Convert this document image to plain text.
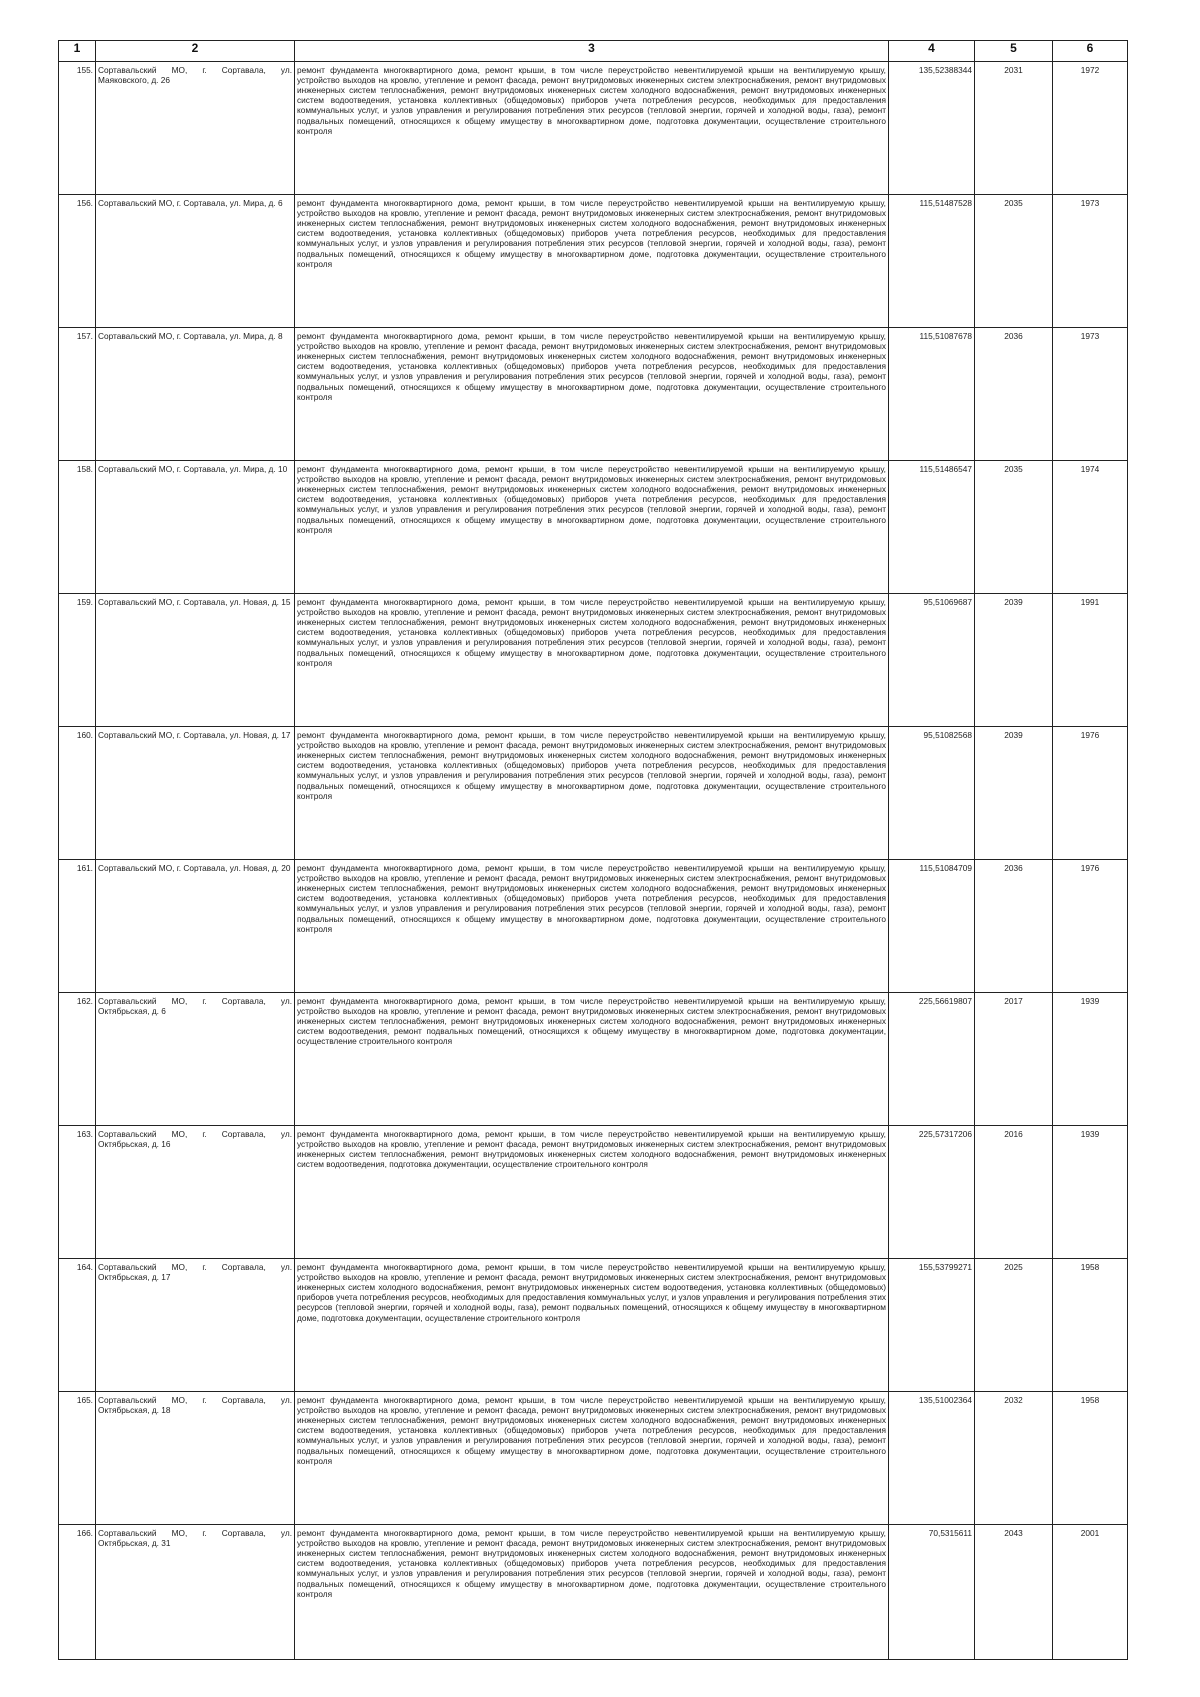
1	2	3	4	5	6
155.	Сортавальский МО, г. Сортавала, ул. Маяковского, д. 26	ремонт фундамента многоквартирного дома, ремонт крыши, в том числе переустройство невентилируемой крыши на вентилируемую крышу, устройство выходов на кровлю, утепление и ремонт фасада, ремонт внутридомовых инженерных систем электроснабжения, ремонт внутридомовых инженерных систем теплоснабжения, ремонт внутридомовых инженерных систем холодного водоснабжения, ремонт внутридомовых инженерных систем водоотведения, установка коллективных (общедомовых) приборов учета потребления ресурсов, необходимых для предоставления коммунальных услуг, и узлов управления и регулирования потребления этих ресурсов (тепловой энергии, горячей и холодной воды, газа), ремонт подвальных помещений, относящихся к общему имуществу в многоквартирном доме, подготовка документации, осуществление строительного контроля	135,52388344	2031	1972
156.	Сортавальский МО, г. Сортавала, ул. Мира, д. 6	ремонт фундамента многоквартирного дома, ремонт крыши, в том числе переустройство невентилируемой крыши на вентилируемую крышу, устройство выходов на кровлю, утепление и ремонт фасада, ремонт внутридомовых инженерных систем электроснабжения, ремонт внутридомовых инженерных систем теплоснабжения, ремонт внутридомовых инженерных систем холодного водоснабжения, ремонт внутридомовых инженерных систем водоотведения, установка коллективных (общедомовых) приборов учета потребления ресурсов, необходимых для предоставления коммунальных услуг, и узлов управления и регулирования потребления этих ресурсов (тепловой энергии, горячей и холодной воды, газа), ремонт подвальных помещений, относящихся к общему имуществу в многоквартирном доме, подготовка документации, осуществление строительного контроля	115,51487528	2035	1973
157.	Сортавальский МО, г. Сортавала, ул. Мира, д. 8	ремонт фундамента многоквартирного дома, ремонт крыши, в том числе переустройство невентилируемой крыши на вентилируемую крышу, устройство выходов на кровлю, утепление и ремонт фасада, ремонт внутридомовых инженерных систем электроснабжения, ремонт внутридомовых инженерных систем теплоснабжения, ремонт внутридомовых инженерных систем холодного водоснабжения, ремонт внутридомовых инженерных систем водоотведения, установка коллективных (общедомовых) приборов учета потребления ресурсов, необходимых для предоставления коммунальных услуг, и узлов управления и регулирования потребления этих ресурсов (тепловой энергии, горячей и холодной воды, газа), ремонт подвальных помещений, относящихся к общему имуществу в многоквартирном доме, подготовка документации, осуществление строительного контроля	115,51087678	2036	1973
158.	Сортавальский МО, г. Сортавала, ул. Мира, д. 10	ремонт фундамента многоквартирного дома, ремонт крыши, в том числе переустройство невентилируемой крыши на вентилируемую крышу, устройство выходов на кровлю, утепление и ремонт фасада, ремонт внутридомовых инженерных систем электроснабжения, ремонт внутридомовых инженерных систем теплоснабжения, ремонт внутридомовых инженерных систем холодного водоснабжения, ремонт внутридомовых инженерных систем водоотведения, установка коллективных (общедомовых) приборов учета потребления ресурсов, необходимых для предоставления коммунальных услуг, и узлов управления и регулирования потребления этих ресурсов (тепловой энергии, горячей и холодной воды, газа), ремонт подвальных помещений, относящихся к общему имуществу в многоквартирном доме, подготовка документации, осуществление строительного контроля	115,51486547	2035	1974
159.	Сортавальский МО, г. Сортавала, ул. Новая, д. 15	ремонт фундамента многоквартирного дома, ремонт крыши, в том числе переустройство невентилируемой крыши на вентилируемую крышу, устройство выходов на кровлю, утепление и ремонт фасада, ремонт внутридомовых инженерных систем электроснабжения, ремонт внутридомовых инженерных систем теплоснабжения, ремонт внутридомовых инженерных систем холодного водоснабжения, ремонт внутридомовых инженерных систем водоотведения, установка коллективных (общедомовых) приборов учета потребления ресурсов, необходимых для предоставления коммунальных услуг, и узлов управления и регулирования потребления этих ресурсов (тепловой энергии, горячей и холодной воды, газа), ремонт подвальных помещений, относящихся к общему имуществу в многоквартирном доме, подготовка документации, осуществление строительного контроля	95,51069687	2039	1991
160.	Сортавальский МО, г. Сортавала, ул. Новая, д. 17	ремонт фундамента многоквартирного дома, ремонт крыши, в том числе переустройство невентилируемой крыши на вентилируемую крышу, устройство выходов на кровлю, утепление и ремонт фасада, ремонт внутридомовых инженерных систем электроснабжения, ремонт внутридомовых инженерных систем теплоснабжения, ремонт внутридомовых инженерных систем холодного водоснабжения, ремонт внутридомовых инженерных систем водоотведения, установка коллективных (общедомовых) приборов учета потребления ресурсов, необходимых для предоставления коммунальных услуг, и узлов управления и регулирования потребления этих ресурсов (тепловой энергии, горячей и холодной воды, газа), ремонт подвальных помещений, относящихся к общему имуществу в многоквартирном доме, подготовка документации, осуществление строительного контроля	95,51082568	2039	1976
161.	Сортавальский МО, г. Сортавала, ул. Новая, д. 20	ремонт фундамента многоквартирного дома, ремонт крыши, в том числе переустройство невентилируемой крыши на вентилируемую крышу, устройство выходов на кровлю, утепление и ремонт фасада, ремонт внутридомовых инженерных систем электроснабжения, ремонт внутридомовых инженерных систем теплоснабжения, ремонт внутридомовых инженерных систем холодного водоснабжения, ремонт внутридомовых инженерных систем водоотведения, установка коллективных (общедомовых) приборов учета потребления ресурсов, необходимых для предоставления коммунальных услуг, и узлов управления и регулирования потребления этих ресурсов (тепловой энергии, горячей и холодной воды, газа), ремонт подвальных помещений, относящихся к общему имуществу в многоквартирном доме, подготовка документации, осуществление строительного контроля	115,51084709	2036	1976
162.	Сортавальский МО, г. Сортавала, ул. Октябрьская, д. 6	ремонт фундамента многоквартирного дома, ремонт крыши, в том числе переустройство невентилируемой крыши на вентилируемую крышу, устройство выходов на кровлю, утепление и ремонт фасада, ремонт внутридомовых инженерных систем электроснабжения, ремонт внутридомовых инженерных систем теплоснабжения, ремонт внутридомовых инженерных систем холодного водоснабжения, ремонт внутридомовых инженерных систем водоотведения, ремонт подвальных помещений, относящихся к общему имуществу в многоквартирном доме, подготовка документации, осуществление строительного контроля	225,56619807	2017	1939
163.	Сортавальский МО, г. Сортавала, ул. Октябрьская, д. 16	ремонт фундамента многоквартирного дома, ремонт крыши, в том числе переустройство невентилируемой крыши на вентилируемую крышу, устройство выходов на кровлю, утепление и ремонт фасада, ремонт внутридомовых инженерных систем электроснабжения, ремонт внутридомовых инженерных систем теплоснабжения, ремонт внутридомовых инженерных систем холодного водоснабжения, ремонт внутридомовых инженерных систем водоотведения, подготовка документации, осуществление строительного контроля	225,57317206	2016	1939
164.	Сортавальский МО, г. Сортавала, ул. Октябрьская, д. 17	ремонт фундамента многоквартирного дома, ремонт крыши, в том числе переустройство невентилируемой крыши на вентилируемую крышу, устройство выходов на кровлю, утепление и ремонт фасада, ремонт внутридомовых инженерных систем электроснабжения, ремонт внутридомовых инженерных систем холодного водоснабжения, ремонт внутридомовых инженерных систем водоотведения, установка коллективных (общедомовых) приборов учета потребления ресурсов, необходимых для предоставления коммунальных услуг, и узлов управления и регулирования потребления этих ресурсов (тепловой энергии, горячей и холодной воды, газа), ремонт подвальных помещений, относящихся к общему имуществу в многоквартирном доме, подготовка документации, осуществление строительного контроля	155,53799271	2025	1958
165.	Сортавальский МО, г. Сортавала, ул. Октябрьская, д. 18	ремонт фундамента многоквартирного дома, ремонт крыши, в том числе переустройство невентилируемой крыши на вентилируемую крышу, устройство выходов на кровлю, утепление и ремонт фасада, ремонт внутридомовых инженерных систем электроснабжения, ремонт внутридомовых инженерных систем теплоснабжения, ремонт внутридомовых инженерных систем холодного водоснабжения, ремонт внутридомовых инженерных систем водоотведения, установка коллективных (общедомовых) приборов учета потребления ресурсов, необходимых для предоставления коммунальных услуг, и узлов управления и регулирования потребления этих ресурсов (тепловой энергии, горячей и холодной воды, газа), ремонт подвальных помещений, относящихся к общему имуществу в многоквартирном доме, подготовка документации, осуществление строительного контроля	135,51002364	2032	1958
166.	Сортавальский МО, г. Сортавала, ул. Октябрьская, д. 31	ремонт фундамента многоквартирного дома, ремонт крыши, в том числе переустройство невентилируемой крыши на вентилируемую крышу, устройство выходов на кровлю, утепление и ремонт фасада, ремонт внутридомовых инженерных систем электроснабжения, ремонт внутридомовых инженерных систем теплоснабжения, ремонт внутридомовых инженерных систем холодного водоснабжения, ремонт внутридомовых инженерных систем водоотведения, установка коллективных (общедомовых) приборов учета потребления ресурсов, необходимых для предоставления коммунальных услуг, и узлов управления и регулирования потребления этих ресурсов (тепловой энергии, горячей и холодной воды, газа), ремонт подвальных помещений, относящихся к общему имуществу в многоквартирном доме, подготовка документации, осуществление строительного контроля	70,5315611	2043	2001
